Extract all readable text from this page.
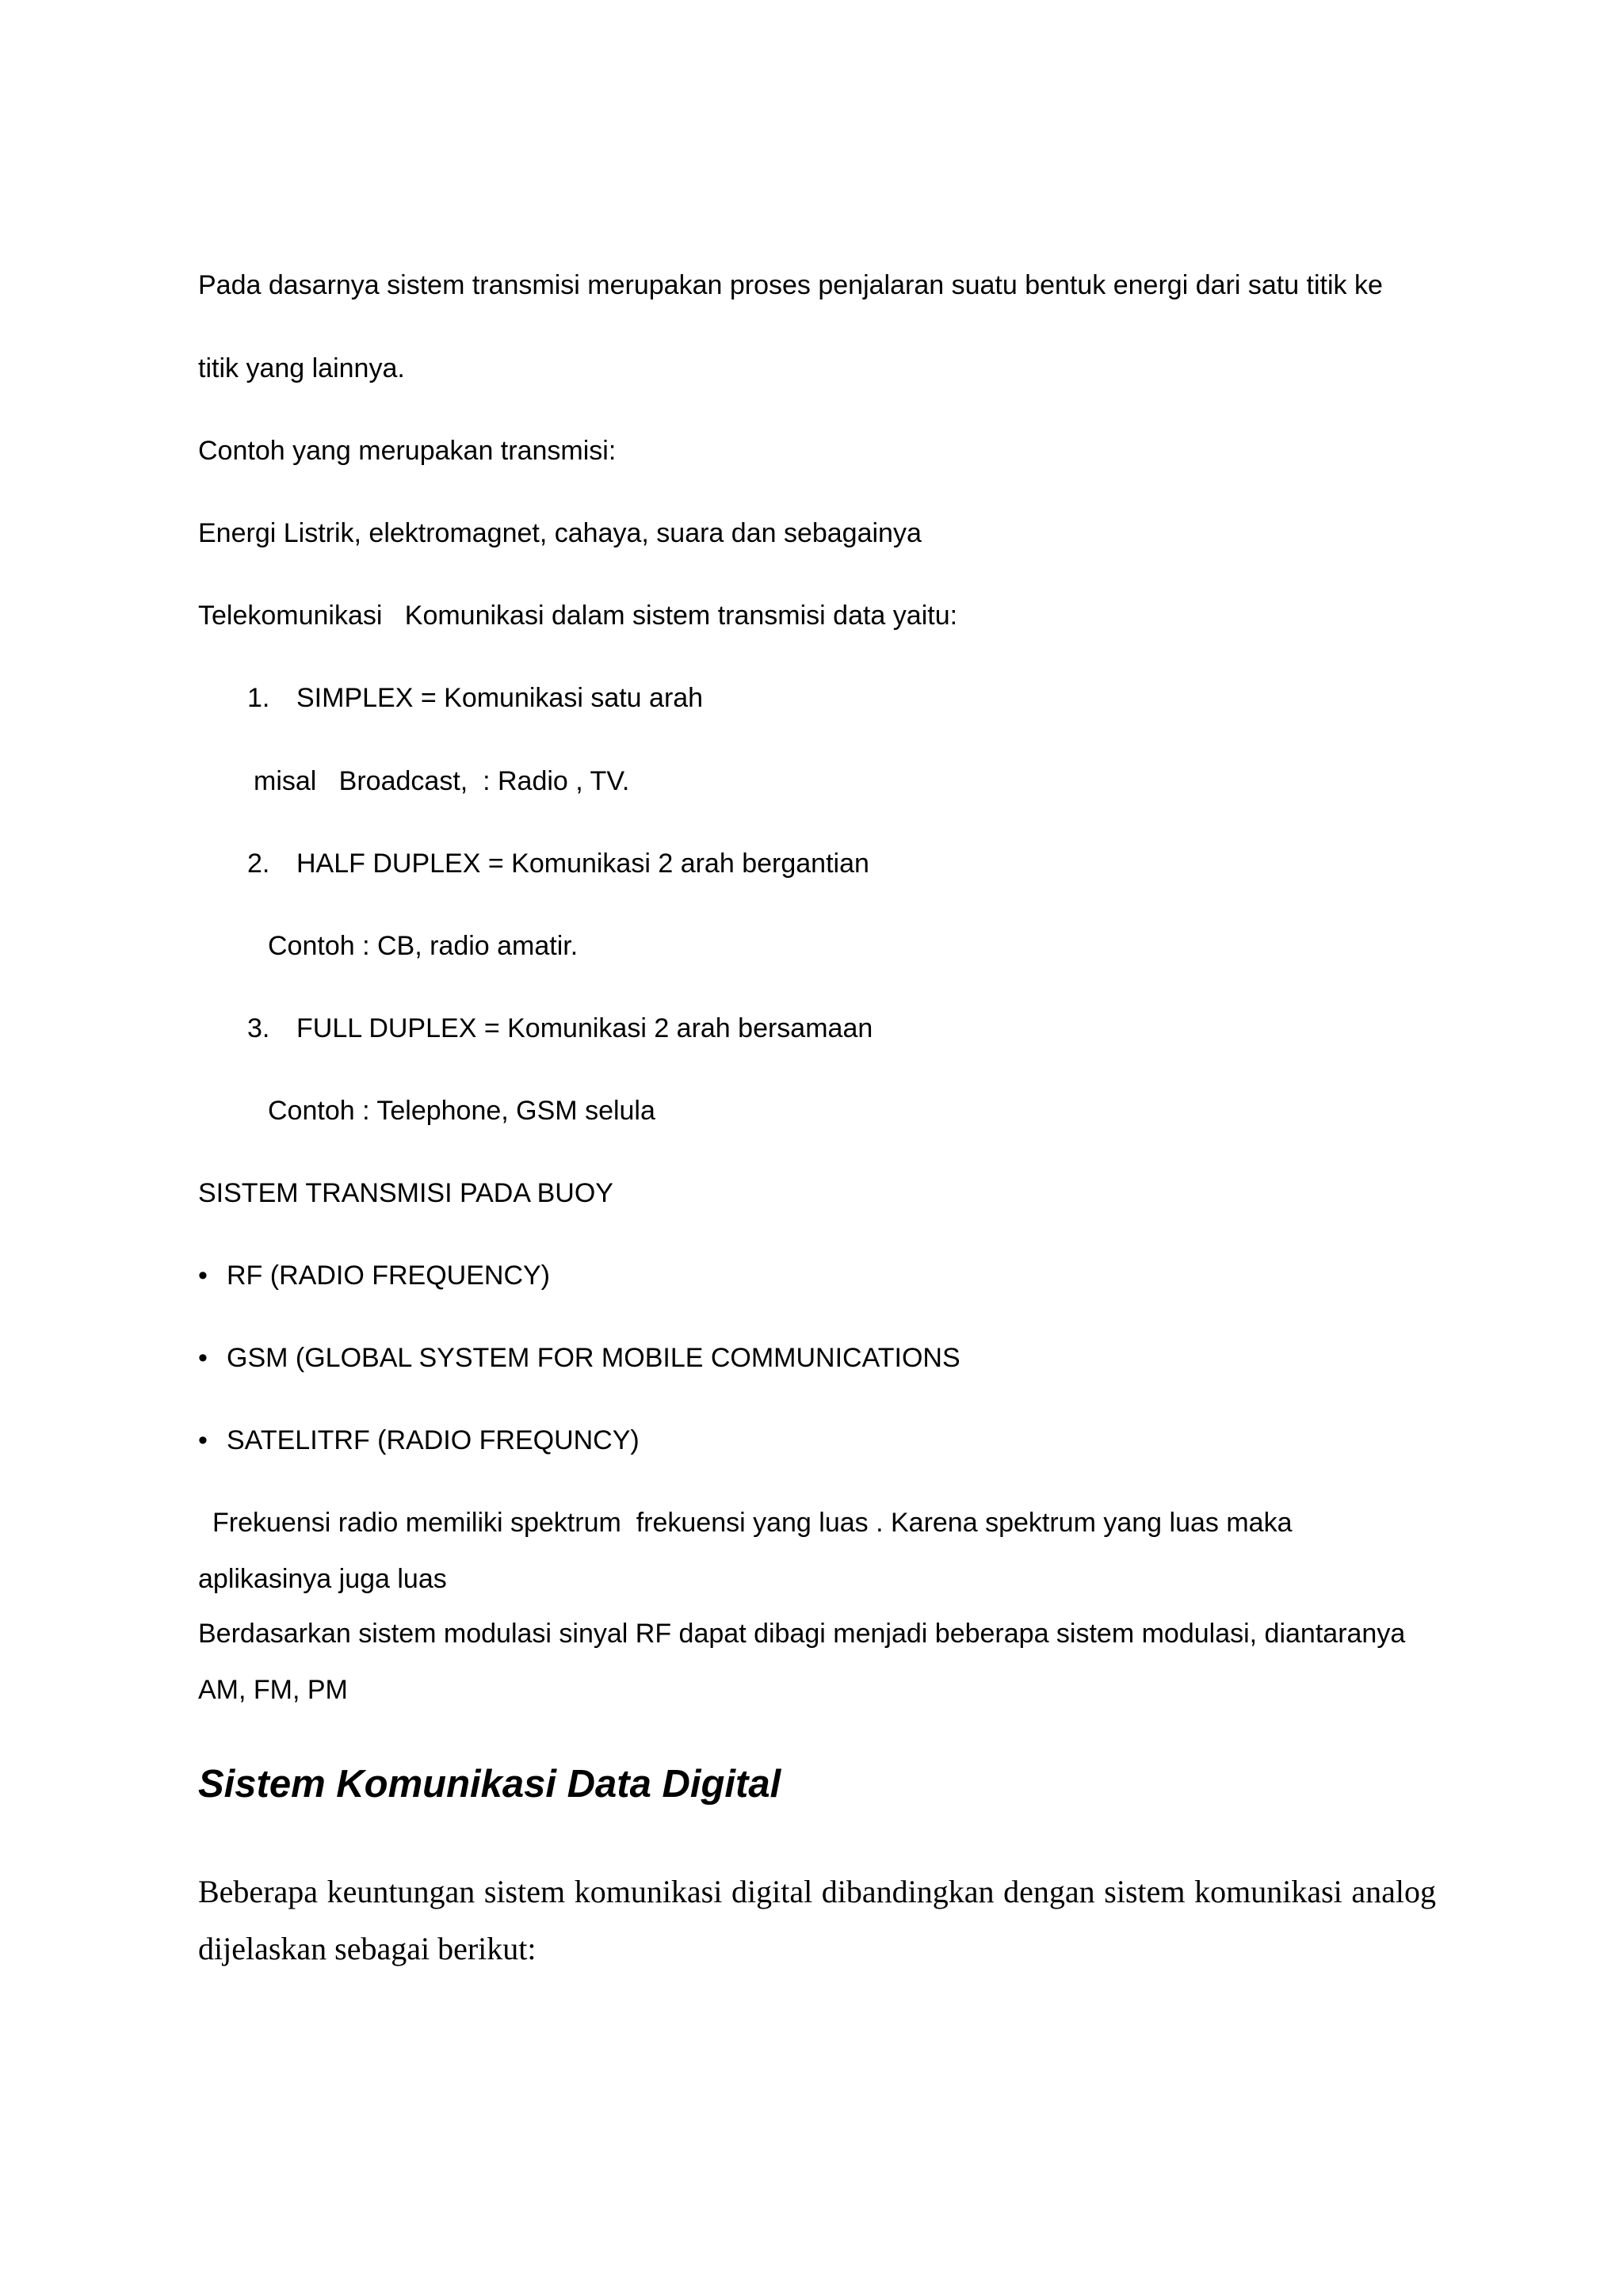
Pada dasarnya sistem transmisi merupakan proses penjalaran suatu bentuk energi dari satu titik ke

titik yang lainnya.

Contoh yang merupakan transmisi:

Energi Listrik, elektromagnet, cahaya, suara dan sebagainya

Telekomunikasi   Komunikasi dalam sistem transmisi data yaitu:

1. SIMPLEX = Komunikasi satu arah

misal   Broadcast,  : Radio , TV.

2. HALF DUPLEX = Komunikasi 2 arah bergantian

Contoh : CB, radio amatir.

3. FULL DUPLEX = Komunikasi 2 arah bersamaan

Contoh : Telephone, GSM selula

SISTEM TRANSMISI PADA BUOY

• RF (RADIO FREQUENCY)

• GSM (GLOBAL SYSTEM FOR MOBILE COMMUNICATIONS

• SATELITRF (RADIO FREQUNCY)

Frekuensi radio memiliki spektrum  frekuensi yang luas . Karena spektrum yang luas maka

aplikasinya juga luas

Berdasarkan sistem modulasi sinyal RF dapat dibagi menjadi beberapa sistem modulasi, diantaranya

AM, FM, PM

Sistem Komunikasi Data Digital

Beberapa keuntungan sistem komunikasi digital dibandingkan dengan sistem komunikasi analog dijelaskan sebagai berikut:
